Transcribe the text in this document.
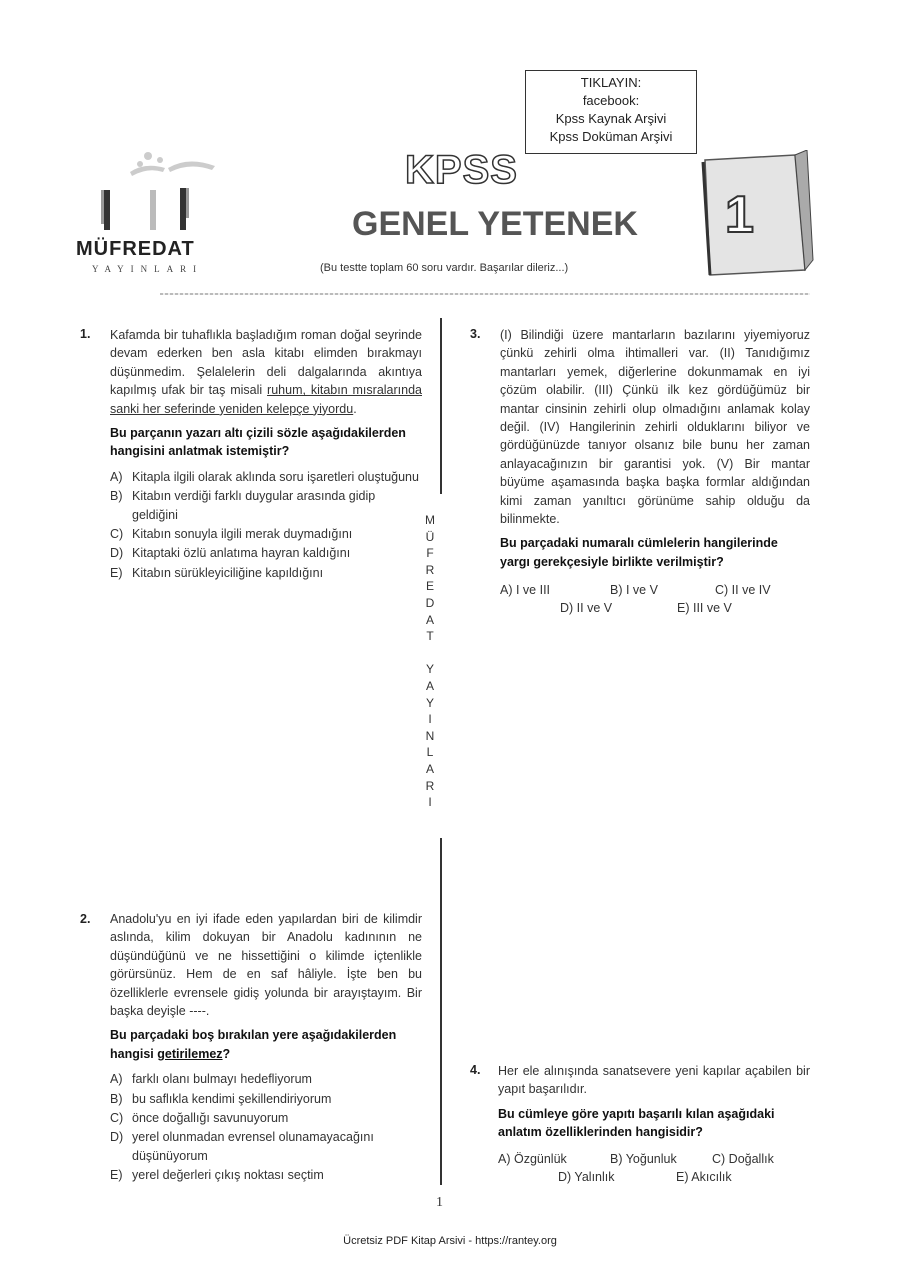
TIKLAYIN:
facebook:
Kpss Kaynak Arşivi
Kpss Doküman Arşivi
MÜFREDAT
YAYINLARI
KPSS
GENEL YETENEK
(Bu testte toplam 60 soru vardır. Başarılar dileriz...)
1
M
Ü
F
R
E
D
A
T
Y
A
Y
I
N
L
A
R
I
1. Kafamda bir tuhaflıkla başladığım roman doğal seyrinde devam ederken ben asla kitabı elimden bırakmayı düşünmedim. Şelalelerin deli dalgalarında akıntıya kapılmış ufak bir taş misali ruhum, kitabın mısralarında sanki her seferinde yeniden kelepçe yiyordu.
Bu parçanın yazarı altı çizili sözle aşağıdakilerden hangisini anlatmak istemiştir?
A) Kitapla ilgili olarak aklında soru işaretleri oluştuğunu
B) Kitabın verdiği farklı duygular arasında gidip geldiğini
C) Kitabın sonuyla ilgili merak duymadığını
D) Kitaptaki özlü anlatıma hayran kaldığını
E) Kitabın sürükleyiciliğine kapıldığını
2. Anadolu'yu en iyi ifade eden yapılardan biri de kilimdir aslında, kilim dokuyan bir Anadolu kadınının ne düşündüğünü ve ne hissettiğini o kilimde içtenlikle görürsünüz. Hem de en saf hâliyle. İşte ben bu özelliklerle evrensele gidiş yolunda bir arayıştayım. Bir başka deyişle ----.
Bu parçadaki boş bırakılan yere aşağıdakilerden hangisi getirilemez?
A) farklı olanı bulmayı hedefliyorum
B) bu saflıkla kendimi şekillendiriyorum
C) önce doğallığı savunuyorum
D) yerel olunmadan evrensel olunamayacağını düşünüyorum
E) yerel değerleri çıkış noktası seçtim
3. (I) Bilindiği üzere mantarların bazılarını yiyemiyoruz çünkü zehirli olma ihtimalleri var. (II) Tanıdığımız mantarları yemek, diğerlerine dokunmamak en iyi çözüm olabilir. (III) Çünkü ilk kez gördüğümüz bir mantar cinsinin zehirli olup olmadığını anlamak kolay değil. (IV) Hangilerinin zehirli olduklarını biliyor ve gördüğünüzde tanıyor olsanız bile bunu her zaman anlayacağınızın bir garantisi yok. (V) Bir mantar büyüme aşamasında başka başka formlar aldığından kimi zaman yanıltıcı görünüme sahip olduğu da bilinmekte.
Bu parçadaki numaralı cümlelerin hangilerinde yargı gerekçesiyle birlikte verilmiştir?
A) I ve III	B) I ve V	C) II ve IV
D) II ve V	E) III ve V
4. Her ele alınışında sanatsevere yeni kapılar açabilen bir yapıt başarılıdır.
Bu cümleye göre yapıtı başarılı kılan aşağıdaki anlatım özelliklerinden hangisidir?
A) Özgünlük	B) Yoğunluk	C) Doğallık
D) Yalınlık	E) Akıcılık
1
Ücretsiz PDF Kitap Arsivi - https://rantey.org
